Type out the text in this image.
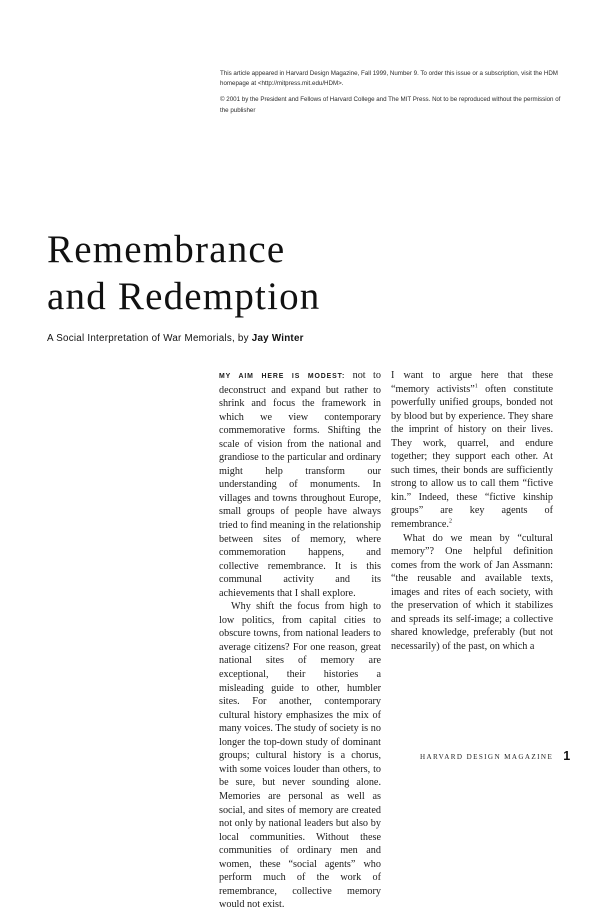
This article appeared in Harvard Design Magazine, Fall 1999, Number 9. To order this issue or a subscription, visit the HDM homepage at <http://mitpress.mit.edu/HDM>.

© 2001 by the President and Fellows of Harvard College and The MIT Press. Not to be reproduced without the permission of the publisher

Remembrance
and Redemption
A Social Interpretation of War Memorials, by Jay Winter

MY AIM HERE IS MODEST: not to deconstruct and expand but rather to shrink and focus the framework in which we view contemporary commemorative forms. Shifting the scale of vision from the national and grandiose to the particular and ordinary might help transform our understanding of monuments. In villages and towns throughout Europe, small groups of people have always tried to find meaning in the relationship between sites of memory, where commemoration happens, and collective remembrance. It is this communal activity and its achievements that I shall explore.

Why shift the focus from high to low politics, from capital cities to obscure towns, from national leaders to average citizens? For one reason, great national sites of memory are exceptional, their histories a misleading guide to other, humbler sites. For another, contemporary cultural history emphasizes the mix of many voices. The study of society is no longer the top-down study of dominant groups; cultural history is a chorus, with some voices louder than others, to be sure, but never sounding alone. Memories are personal as well as social, and sites of memory are created not only by national leaders but also by local communities. Without these communities of ordinary men and women, these “social agents” who perform much of the work of remembrance, collective memory would not exist.

I want to argue here that these “memory activists”$^1$ often constitute powerfully unified groups, bonded not by blood but by experience. They share the imprint of history on their lives. They work, quarrel, and endure together; they support each other. At such times, their bonds are sufficiently strong to allow us to call them “fictive kin.” Indeed, these “fictive kinship groups” are key agents of remembrance.$^2$

What do we mean by “cultural memory”? One helpful definition comes from the work of Jan Assmann: “the reusable and available texts, images and rites of each society, with the preservation of which it stabilizes and spreads its self-image; a collective shared knowledge, preferably (but not necessarily) of the past, on which a

HARVARD DESIGN MAGAZINE 1
